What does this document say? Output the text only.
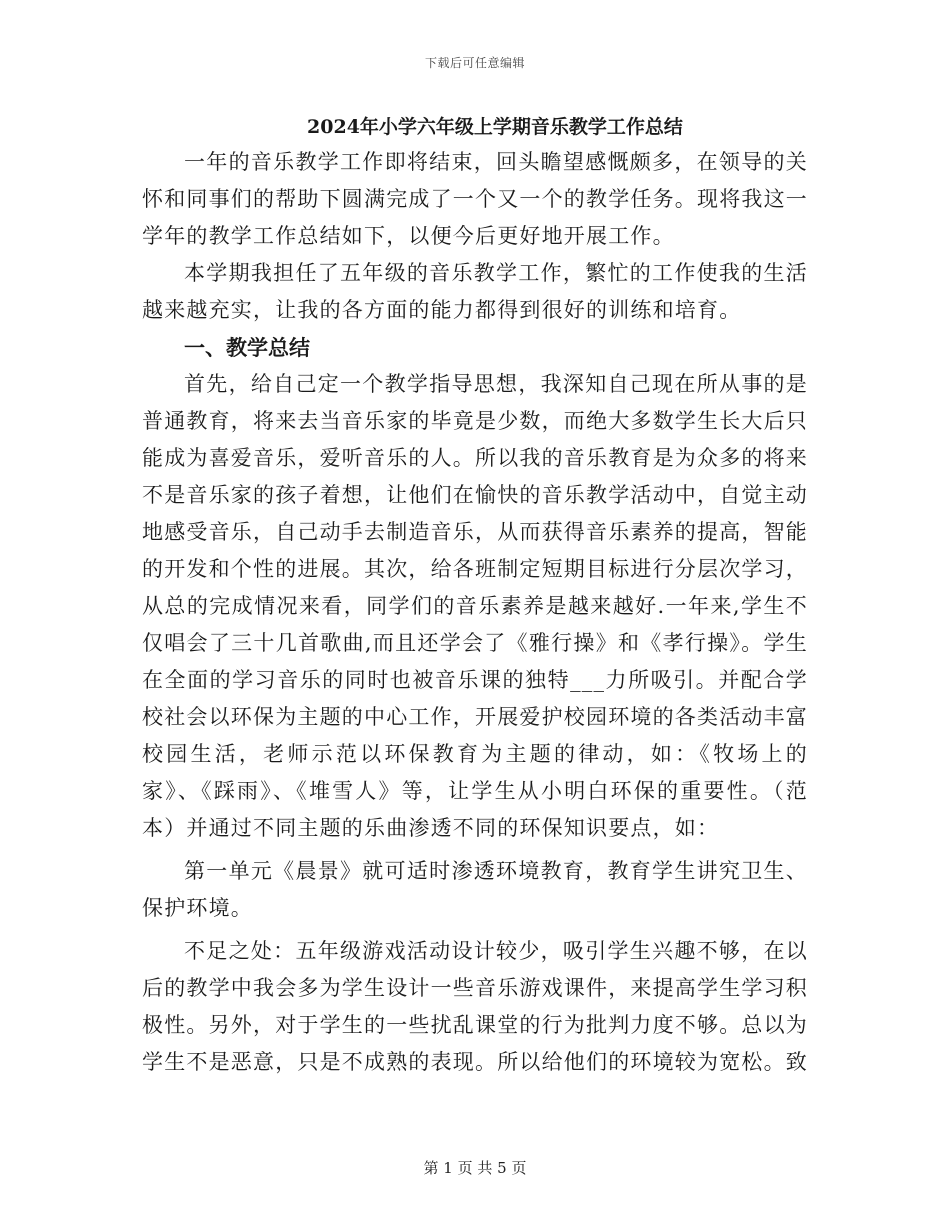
下载后可任意编辑
2024年小学六年级上学期音乐教学工作总结

一年的音乐教学工作即将结束，回头瞻望感慨颇多，在领导的关怀和同事们的帮助下圆满完成了一个又一个的教学任务。现将我这一学年的教学工作总结如下，以便今后更好地开展工作。

本学期我担任了五年级的音乐教学工作，繁忙的工作使我的生活越来越充实，让我的各方面的能力都得到很好的训练和培育。

一、教学总结

首先，给自己定一个教学指导思想，我深知自己现在所从事的是普通教育，将来去当音乐家的毕竟是少数，而绝大多数学生长大后只能成为喜爱音乐，爱听音乐的人。所以我的音乐教育是为众多的将来不是音乐家的孩子着想，让他们在愉快的音乐教学活动中，自觉主动地感受音乐，自己动手去制造音乐，从而获得音乐素养的提高，智能的开发和个性的进展。其次，给各班制定短期目标进行分层次学习，从总的完成情况来看，同学们的音乐素养是越来越好.一年来,学生不仅唱会了三十几首歌曲,而且还学会了《雅行操》和《孝行操》。学生在全面的学习音乐的同时也被音乐课的独特___力所吸引。并配合学校社会以环保为主题的中心工作，开展爱护校园环境的各类活动丰富校园生活，老师示范以环保教育为主题的律动，如：《牧场上的家》、《踩雨》、《堆雪人》等，让学生从小明白环保的重要性。（范本）并通过不同主题的乐曲渗透不同的环保知识要点，如：

第一单元《晨景》就可适时渗透环境教育，教育学生讲究卫生、保护环境。

不足之处：五年级游戏活动设计较少，吸引学生兴趣不够，在以后的教学中我会多为学生设计一些音乐游戏课件，来提高学生学习积极性。另外，对于学生的一些扰乱课堂的行为批判力度不够。总以为学生不是恶意，只是不成熟的表现。所以给他们的环境较为宽松。致

第 1 页 共 5 页
